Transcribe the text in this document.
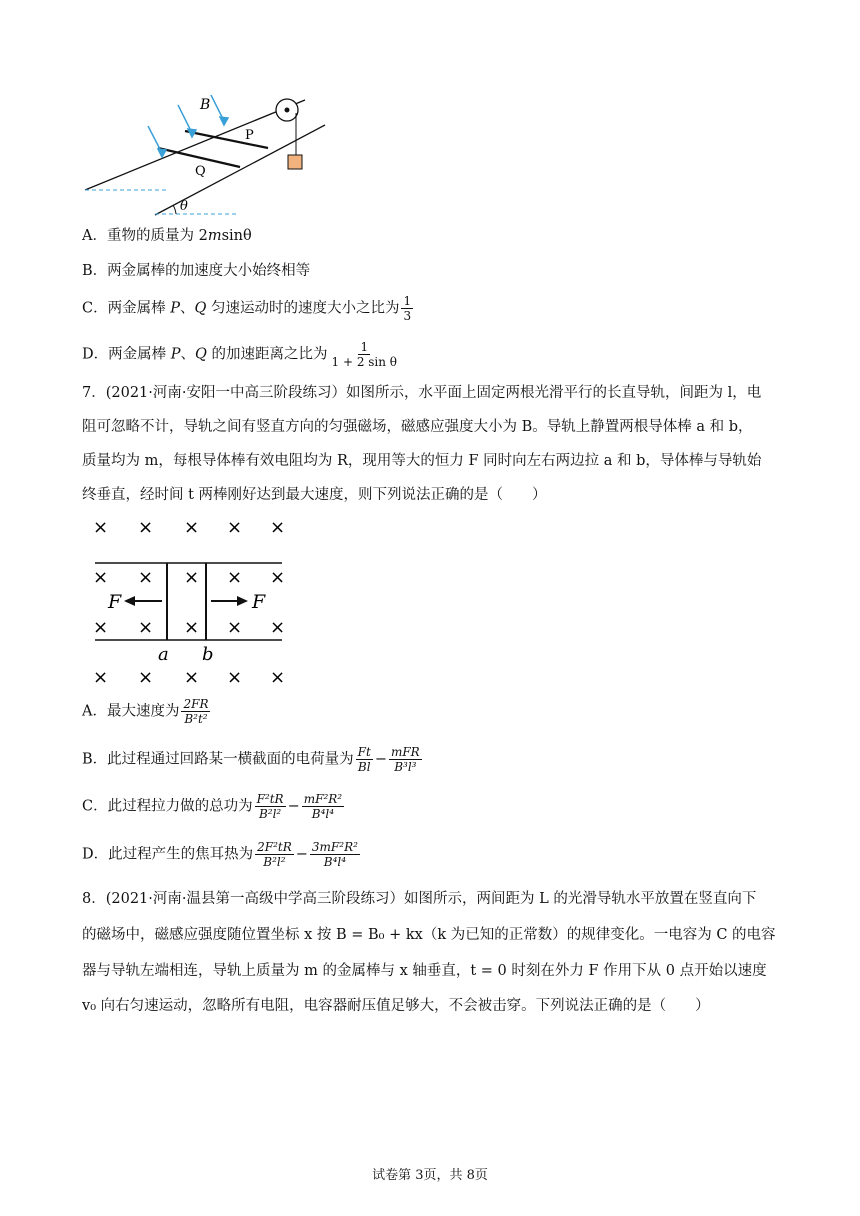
B
P
Q
θ
A．重物的质量为 2msinθ
B．两金属棒的加速度大小始终相等
C．两金属棒 P、Q 匀速运动时的速度大小之比为 $\frac{1}{3}$
D．两金属棒 P、Q 的加速距离之比为 $\frac{1}{\text{1 + 2 sin θ}}$
7．(2021·河南·安阳一中高三阶段练习）如图所示，水平面上固定两根光滑平行的长直导轨，间距为 l，电
阻可忽略不计，导轨之间有竖直方向的匀强磁场，磁感应强度大小为 B。导轨上静置两根导体棒 a 和 b，
质量均为 m，每根导体棒有效电阻均为 R，现用等大的恒力 F 同时向左右两边拉 a 和 b，导体棒与导轨始
终垂直，经时间 t 两棒刚好达到最大速度，则下列说法正确的是（　　）
F	F
a b
× × × × ×
× × × × ×
× × × × ×
× × × × ×
A．最大速度为 $\frac{2FR}{\text{B²t²}}$
B．此过程通过回路某一横截面的电荷量为 $\frac{Ft}{Bl} - \frac{\text{mFR}}{\text{B³l³}}$
C．此过程拉力做的总功为 $\frac{\text{F²tR}}{\text{B²l²}} - \frac{\text{mF²R²}}{\text{B⁴l⁴}}$
D．此过程产生的焦耳热为 $\frac{\text{2F²tR}}{\text{B²l²}} - \frac{\text{3mF²R²}}{\text{B⁴l⁴}}$
8．(2021·河南·温县第一高级中学高三阶段练习）如图所示，两间距为 L 的光滑导轨水平放置在竖直向下
的磁场中，磁感应强度随位置坐标 x 按 B = B₀ + kx（k 为已知的正常数）的规律变化。一电容为 C 的电容
器与导轨左端相连，导轨上质量为 m 的金属棒与 x 轴垂直，t = 0 时刻在外力 F 作用下从 0 点开始以速度
v₀ 向右匀速运动，忽略所有电阻，电容器耐压值足够大，不会被击穿。下列说法正确的是（　　）
试卷第 3页，共 8页
